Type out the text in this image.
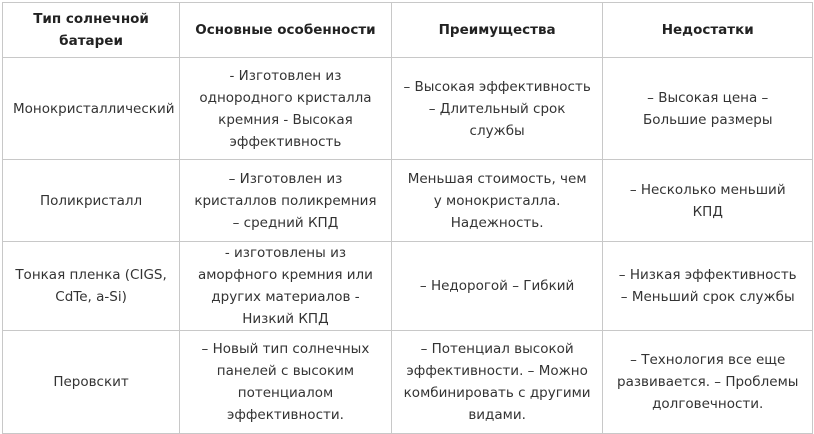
Тип солнечной батареи	Основные особенности	Преимущества	Недостатки
Монокристаллический	- Изготовлен из однородного кристалла кремния - Высокая эффективность	– Высокая эффективность – Длительный срок службы	– Высокая цена – Большие размеры
Поликристалл	– Изготовлен из кристаллов поликремния – средний КПД	Меньшая стоимость, чем у монокристалла. Надежность.	– Несколько меньший КПД
Тонкая пленка (CIGS, CdTe, a-Si)	- изготовлены из аморфного кремния или других материалов - Низкий КПД	– Недорогой – Гибкий	– Низкая эффективность – Меньший срок службы
Перовскит	– Новый тип солнечных панелей с высоким потенциалом эффективности.	– Потенциал высокой эффективности. – Можно комбинировать с другими видами.	– Технология все еще развивается. – Проблемы долговечности.
